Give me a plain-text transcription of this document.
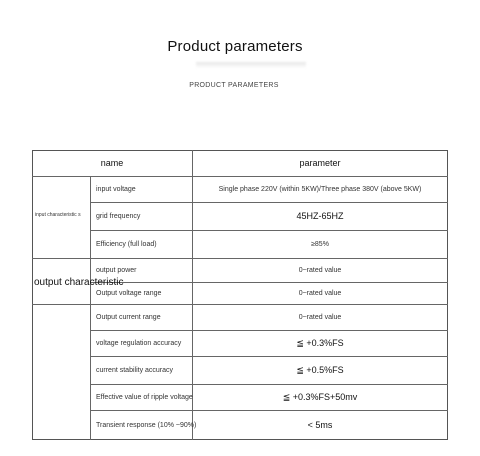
Product parameters
PRODUCT PARAMETERS
name	parameter
input characteristic s
output characteristic
input voltage
grid frequency
Efficiency (full load)
output power
Output voltage range
Output current range
voltage regulation accuracy
current stability accuracy
Effective value of ripple voltage
Transient response (10% ~90%)
Single phase 220V (within 5KW)/Three phase 380V (above 5KW)
45HZ-65HZ
≥85%
0~rated value
0~rated value
0~rated value
≦ +0.3%FS
≦ +0.5%FS
≦ +0.3%FS+50mv
< 5ms
